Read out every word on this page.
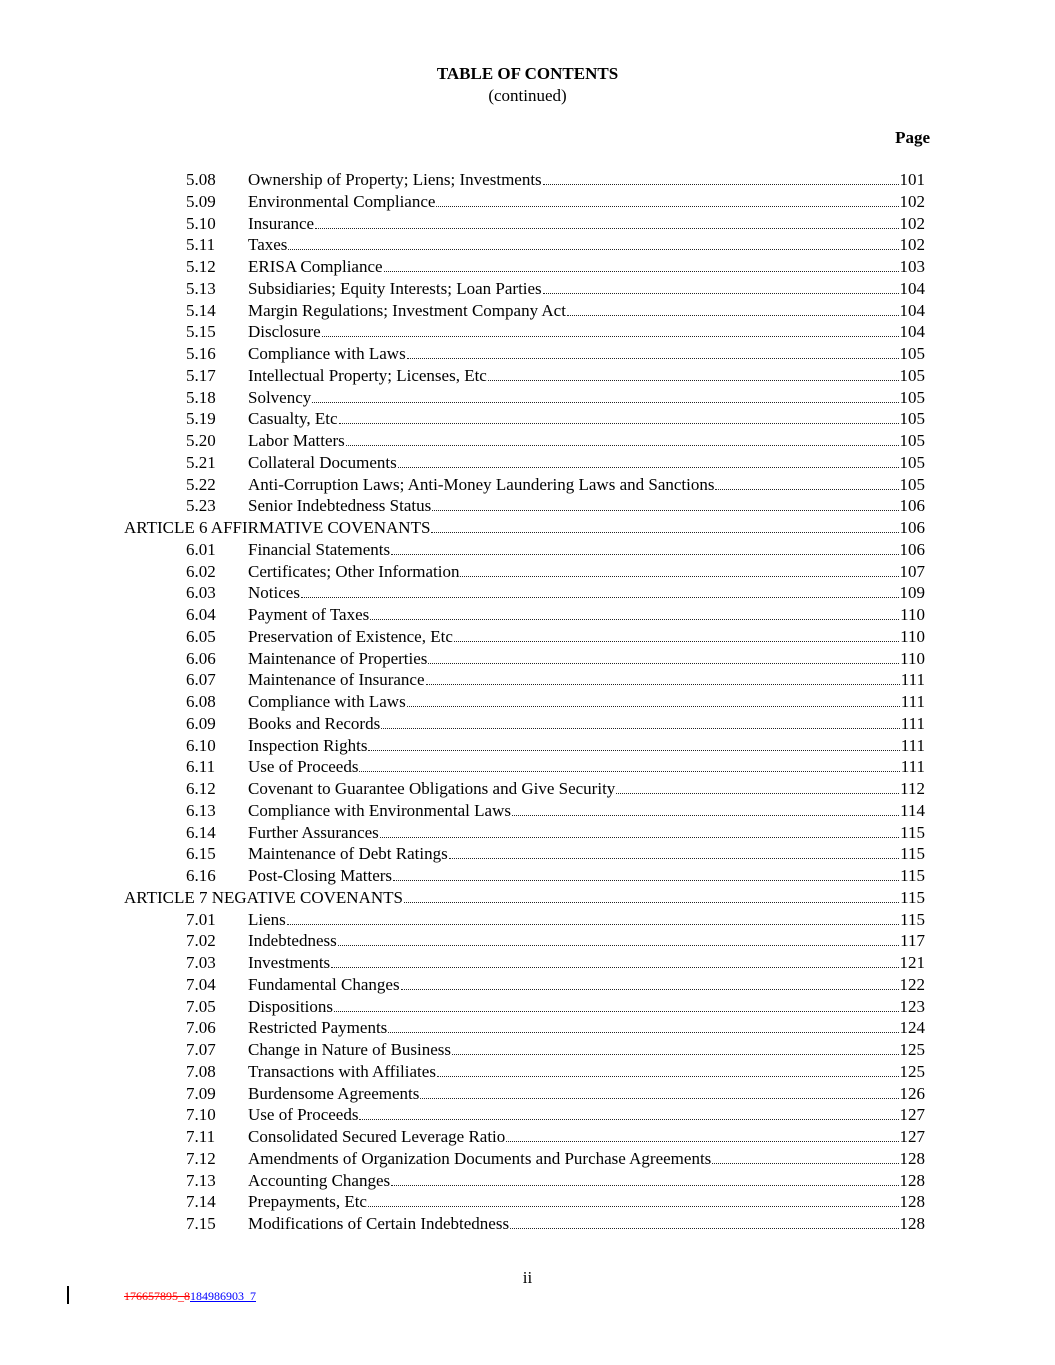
TABLE OF CONTENTS
(continued)
Page
5.08 Ownership of Property; Liens; Investments	101
5.09 Environmental Compliance	102
5.10 Insurance	102
5.11 Taxes	102
5.12 ERISA Compliance	103
5.13 Subsidiaries; Equity Interests; Loan Parties	104
5.14 Margin Regulations; Investment Company Act	104
5.15 Disclosure	104
5.16 Compliance with Laws	105
5.17 Intellectual Property; Licenses, Etc	105
5.18 Solvency	105
5.19 Casualty, Etc	105
5.20 Labor Matters	105
5.21 Collateral Documents	105
5.22 Anti-Corruption Laws; Anti-Money Laundering Laws and Sanctions	105
5.23 Senior Indebtedness Status	106
ARTICLE 6 AFFIRMATIVE COVENANTS	106
6.01 Financial Statements	106
6.02 Certificates; Other Information	107
6.03 Notices	109
6.04 Payment of Taxes	110
6.05 Preservation of Existence, Etc	110
6.06 Maintenance of Properties	110
6.07 Maintenance of Insurance	111
6.08 Compliance with Laws	111
6.09 Books and Records	111
6.10 Inspection Rights	111
6.11 Use of Proceeds	111
6.12 Covenant to Guarantee Obligations and Give Security	112
6.13 Compliance with Environmental Laws	114
6.14 Further Assurances	115
6.15 Maintenance of Debt Ratings	115
6.16 Post-Closing Matters	115
ARTICLE 7 NEGATIVE COVENANTS	115
7.01 Liens	115
7.02 Indebtedness	117
7.03 Investments	121
7.04 Fundamental Changes	122
7.05 Dispositions	123
7.06 Restricted Payments	124
7.07 Change in Nature of Business	125
7.08 Transactions with Affiliates	125
7.09 Burdensome Agreements	126
7.10 Use of Proceeds	127
7.11 Consolidated Secured Leverage Ratio	127
7.12 Amendments of Organization Documents and Purchase Agreements	128
7.13 Accounting Changes	128
7.14 Prepayments, Etc	128
7.15 Modifications of Certain Indebtedness	128
ii
176657895_8184986903_7
